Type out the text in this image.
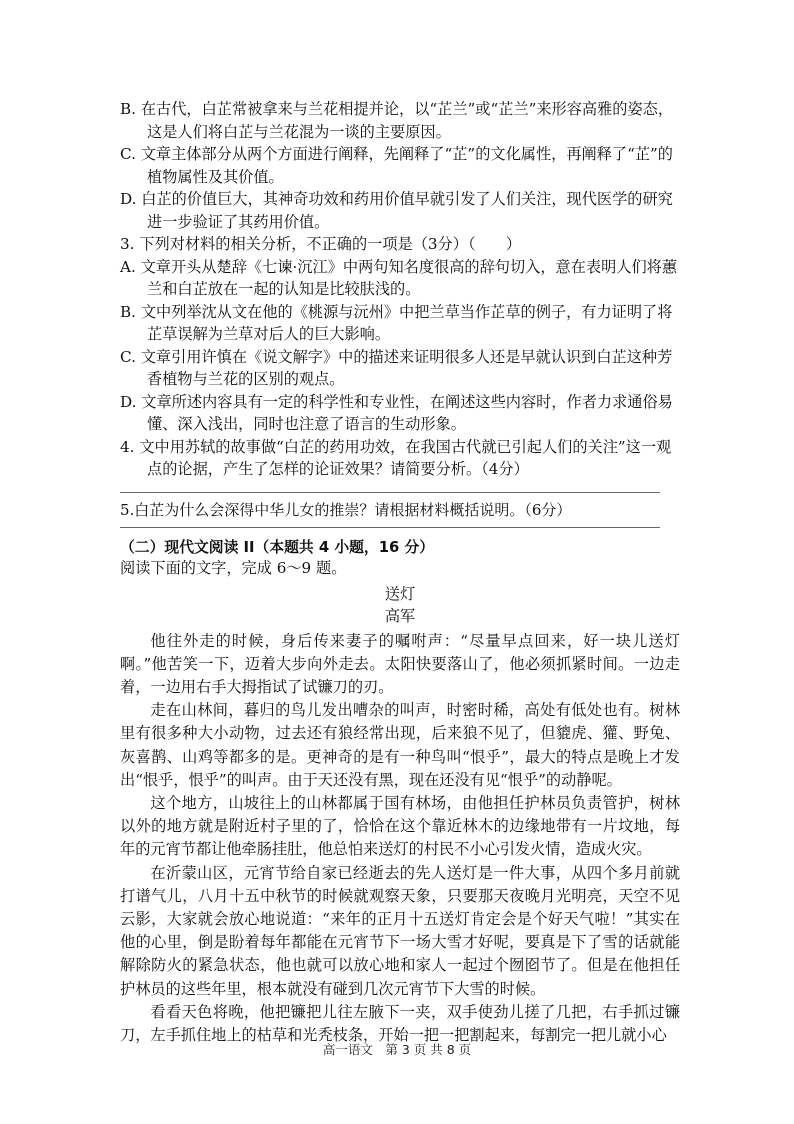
B. 在古代，白芷常被拿来与兰花相提并论，以“芷兰”或“芷兰”来形容高雅的姿态，这是人们将白芷与兰花混为一谈的主要原因。

C. 文章主体部分从两个方面进行阐释，先阐释了“芷”的文化属性，再阐释了“芷”的植物属性及其价值。

D. 白芷的价值巨大，其神奇功效和药用价值早就引发了人们关注，现代医学的研究进一步验证了其药用价值。

3. 下列对材料的相关分析，不正确的一项是（3分）（　　）

A. 文章开头从楚辞《七谏·沉江》中两句知名度很高的辞句切入，意在表明人们将蕙兰和白芷放在一起的认知是比较肤浅的。

B. 文中列举沈从文在他的《桃源与沅州》中把兰草当作芷草的例子，有力证明了将芷草误解为兰草对后人的巨大影响。

C. 文章引用许慎在《说文解字》中的描述来证明很多人还是早就认识到白芷这种芳香植物与兰花的区别的观点。

D. 文章所述内容具有一定的科学性和专业性，在阐述这些内容时，作者力求通俗易懂、深入浅出，同时也注意了语言的生动形象。

4. 文中用苏轼的故事做“白芷的药用功效，在我国古代就已引起人们的关注”这一观点的论据，产生了怎样的论证效果？请简要分析。（4分）

5.白芷为什么会深得中华儿女的推崇？请根据材料概括说明。（6分）

（二）现代文阅读 II（本题共 4 小题，16 分）

阅读下面的文字，完成 6～9 题。

送灯

高军

他往外走的时候，身后传来妻子的嘱咐声：“尽量早点回来，好一块儿送灯啊。”他苦笑一下，迈着大步向外走去。太阳快要落山了，他必须抓紧时间。一边走着，一边用右手大拇指试了试镰刀的刃。

走在山林间，暮归的鸟儿发出嘈杂的叫声，时密时稀，高处有低处也有。树林里有很多种大小动物，过去还有狼经常出现，后来狼不见了，但貔虎、獾、野兔、灰喜鹊、山鸡等都多的是。更神奇的是有一种鸟叫“恨乎”，最大的特点是晚上才发出“恨乎，恨乎”的叫声。由于天还没有黑，现在还没有见“恨乎”的动静呢。

这个地方，山坡往上的山林都属于国有林场，由他担任护林员负责管护，树林以外的地方就是附近村子里的了，恰恰在这个靠近林木的边缘地带有一片坟地，每年的元宵节都让他牵肠挂肚，他总怕来送灯的村民不小心引发火情，造成火灾。

在沂蒙山区，元宵节给自家已经逝去的先人送灯是一件大事，从四个多月前就打谱气儿，八月十五中秋节的时候就观察天象，只要那天夜晚月光明亮，天空不见云影，大家就会放心地说道：“来年的正月十五送灯肯定会是个好天气啦！”其实在他的心里，倒是盼着每年都能在元宵节下一场大雪才好呢，要真是下了雪的话就能解除防火的紧急状态，他也就可以放心地和家人一起过个囫囵节了。但是在他担任护林员的这些年里，根本就没有碰到几次元宵节下大雪的时候。

看看天色将晚，他把镰把儿往左腋下一夹，双手使劲儿搓了几把，右手抓过镰刀，左手抓住地上的枯草和光秃枝条，开始一把一把割起来，每割完一把儿就小心

高一语文　第 3 页 共 8 页
